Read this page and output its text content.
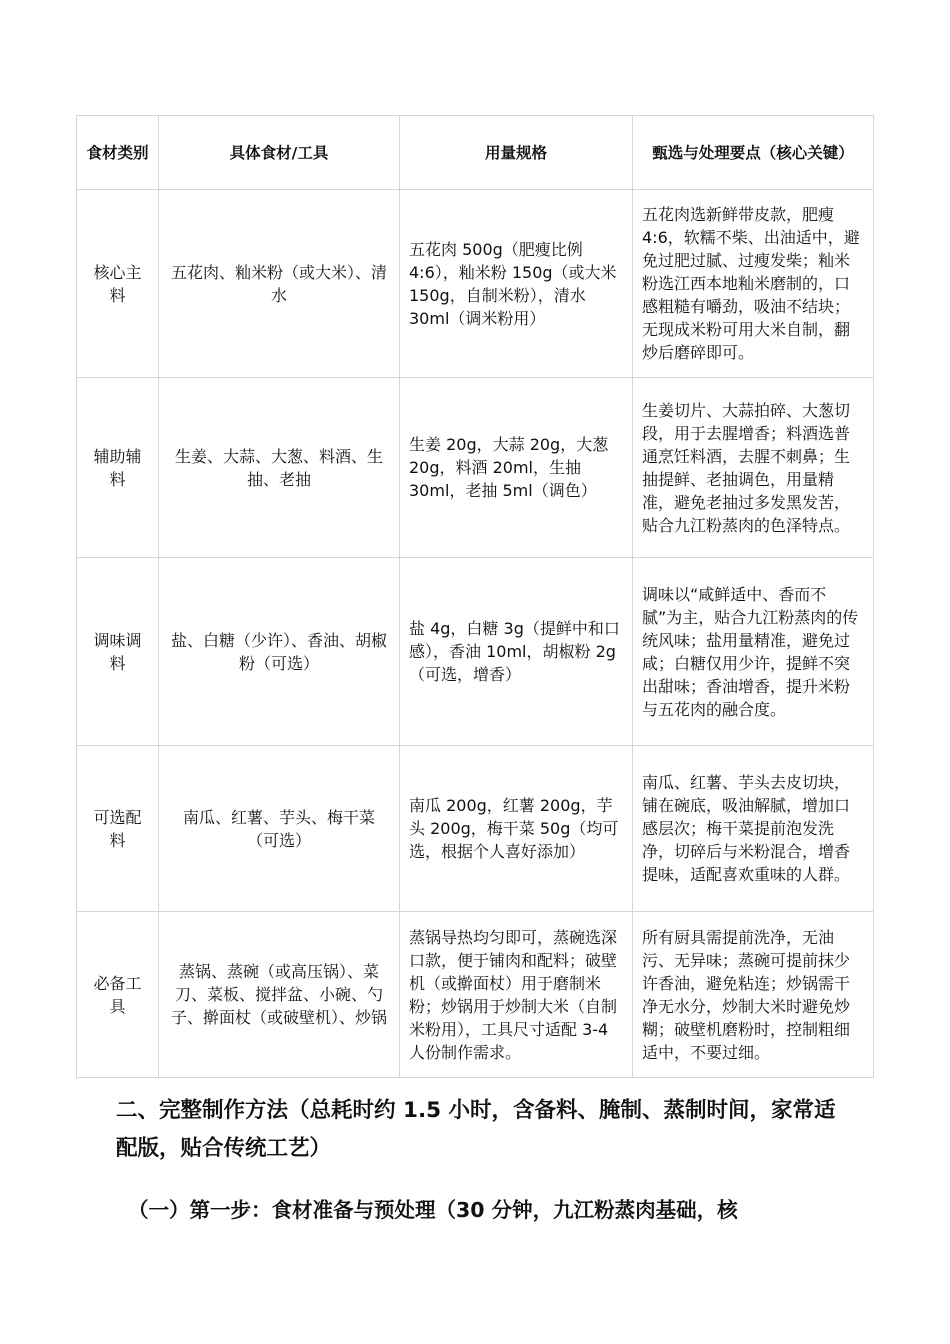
食材类别	具体食材/工具	用量规格	甄选与处理要点（核心关键）
核心主料	五花肉、籼米粉（或大米）、清水	五花肉 500g（肥瘦比例 4:6），籼米粉 150g（或大米 150g，自制米粉），清水 30ml（调米粉用）	五花肉选新鲜带皮款，肥瘦 4:6，软糯不柴、出油适中，避免过肥过腻、过瘦发柴；籼米粉选江西本地籼米磨制的，口感粗糙有嚼劲，吸油不结块；无现成米粉可用大米自制，翻炒后磨碎即可。
辅助辅料	生姜、大蒜、大葱、料酒、生抽、老抽	生姜 20g，大蒜 20g，大葱 20g，料酒 20ml，生抽 30ml，老抽 5ml（调色）	生姜切片、大蒜拍碎、大葱切段，用于去腥增香；料酒选普通烹饪料酒，去腥不刺鼻；生抽提鲜、老抽调色，用量精准，避免老抽过多发黑发苦，贴合九江粉蒸肉的色泽特点。
调味调料	盐、白糖（少许）、香油、胡椒粉（可选）	盐 4g，白糖 3g（提鲜中和口感），香油 10ml，胡椒粉 2g（可选，增香）	调味以“咸鲜适中、香而不腻”为主，贴合九江粉蒸肉的传统风味；盐用量精准，避免过咸；白糖仅用少许，提鲜不突出甜味；香油增香，提升米粉与五花肉的融合度。
可选配料	南瓜、红薯、芋头、梅干菜（可选）	南瓜 200g，红薯 200g，芋头 200g，梅干菜 50g（均可选，根据个人喜好添加）	南瓜、红薯、芋头去皮切块，铺在碗底，吸油解腻，增加口感层次；梅干菜提前泡发洗净，切碎后与米粉混合，增香提味，适配喜欢重味的人群。
必备工具	蒸锅、蒸碗（或高压锅）、菜刀、菜板、搅拌盆、小碗、勺子、擀面杖（或破壁机）、炒锅	蒸锅导热均匀即可，蒸碗选深口款，便于铺肉和配料；破壁机（或擀面杖）用于磨制米粉；炒锅用于炒制大米（自制米粉用），工具尺寸适配 3-4 人份制作需求。	所有厨具需提前洗净，无油污、无异味；蒸碗可提前抹少许香油，避免粘连；炒锅需干净无水分，炒制大米时避免炒糊；破壁机磨粉时，控制粗细适中，不要过细。
二、完整制作方法（总耗时约 1.5 小时，含备料、腌制、蒸制时间，家常适配版，贴合传统工艺）
（一）第一步：食材准备与预处理（30 分钟，九江粉蒸肉基础，核
